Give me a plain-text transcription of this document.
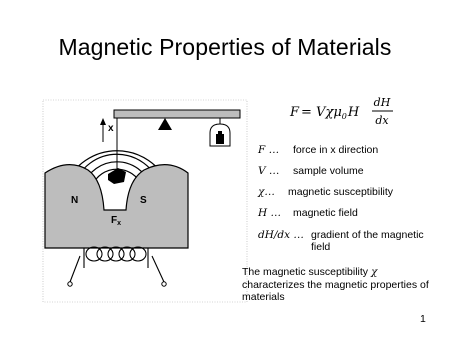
Magnetic Properties of Materials
x
N	S
$F_x$
F = Vχμ$_0$H
dH
dx
F …	force in x direction
V …	sample volume
χ…	magnetic susceptibility
H …	magnetic field
dH/dx … gradient of the magnetic field
The magnetic susceptibility χ characterizes the magnetic properties of materials
1
